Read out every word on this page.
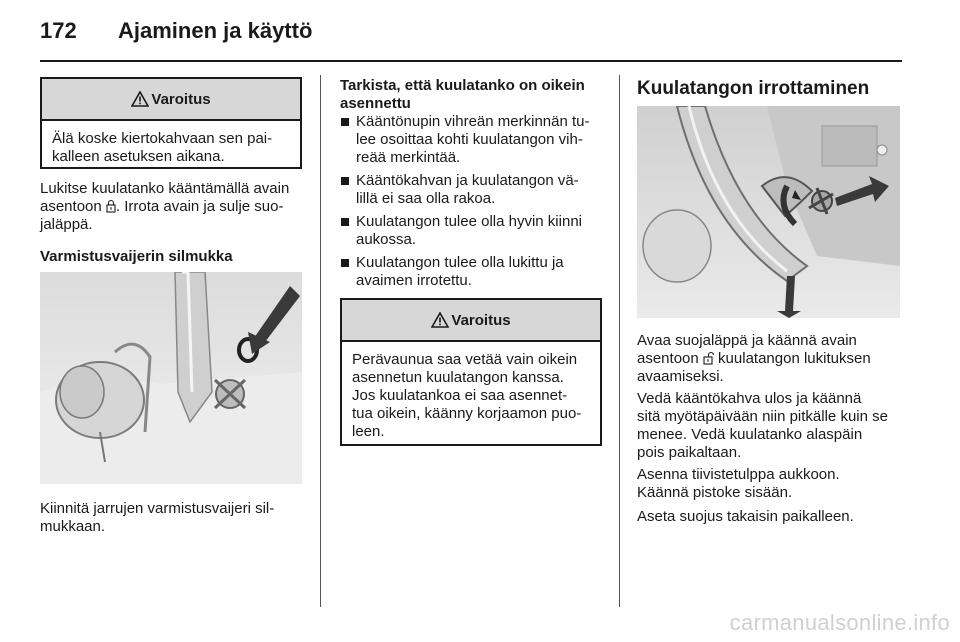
172	Ajaminen ja käyttö
Varoitus
Älä koske kiertokahvaan sen pai-
kalleen asetuksen aikana.
Lukitse kuulatanko kääntämällä avain
asentoon . Irrota avain ja sulje suo-
jaläppä.
Varmistusvaijerin silmukka
Kiinnitä jarrujen varmistusvaijeri sil-
mukkaan.
Tarkista, että kuulatanko on oikein
asennettu
Kääntönupin vihreän merkinnän tu-
lee osoittaa kohti kuulatangon vih-
reää merkintää.
Kääntökahvan ja kuulatangon vä-
lillä ei saa olla rakoa.
Kuulatangon tulee olla hyvin kiinni
aukossa.
Kuulatangon tulee olla lukittu ja
avaimen irrotettu.
Varoitus
Perävaunua saa vetää vain oikein
asennetun kuulatangon kanssa.
Jos kuulatankoa ei saa asennet-
tua oikein, käänny korjaamon puo-
leen.
Kuulatangon irrottaminen
Avaa suojaläppä ja käännä avain
asentoon  kuulatangon lukituksen
avaamiseksi.
Vedä kääntökahva ulos ja käännä
sitä myötäpäivään niin pitkälle kuin se
menee. Vedä kuulatanko alaspäin
pois paikaltaan.
Asenna tiivistetulppa aukkoon.
Käännä pistoke sisään.
Aseta suojus takaisin paikalleen.
carmanualsonline.info
